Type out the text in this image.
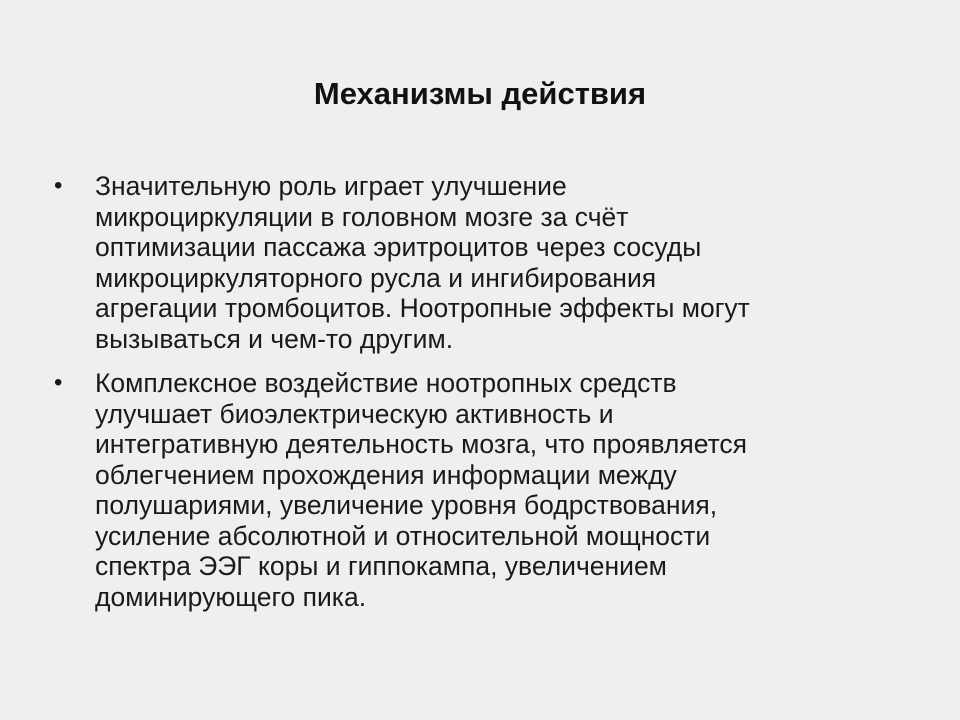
Механизмы действия
•	Значительную роль играет улучшение
микроциркуляции в головном мозге за счёт
оптимизации пассажа эритроцитов через сосуды
микроциркуляторного русла и ингибирования
агрегации тромбоцитов. Ноотропные эффекты могут
вызываться и чем-то другим.
•	Комплексное воздействие ноотропных средств
улучшает биоэлектрическую активность и
интегративную деятельность мозга, что проявляется
облегчением прохождения информации между
полушариями, увеличение уровня бодрствования,
усиление абсолютной и относительной мощности
спектра ЭЭГ коры и гиппокампа, увеличением
доминирующего пика.
